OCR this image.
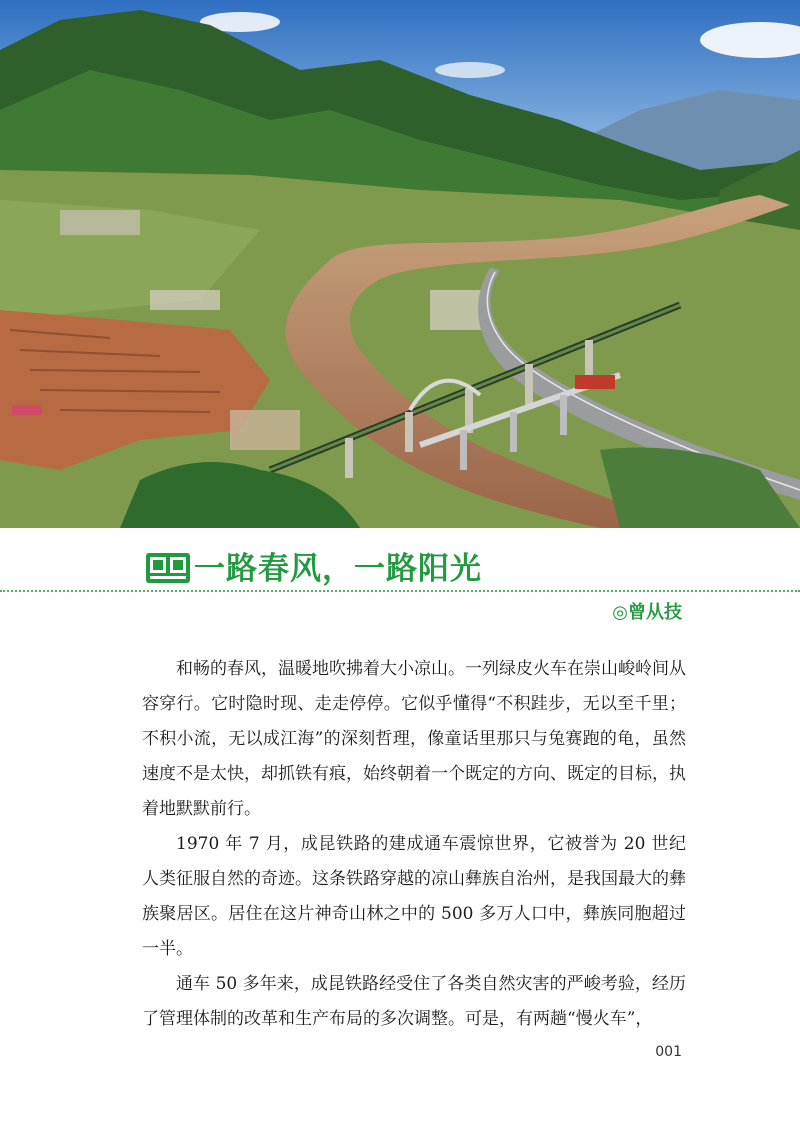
一路春风，一路阳光
◎曾从技

和畅的春风，温暖地吹拂着大小凉山。一列绿皮火车在崇山峻岭间从容穿行。它时隐时现、走走停停。它似乎懂得“不积跬步，无以至千里；不积小流，无以成江海”的深刻哲理，像童话里那只与兔赛跑的龟，虽然速度不是太快，却抓铁有痕，始终朝着一个既定的方向、既定的目标，执着地默默前行。

1970 年 7 月，成昆铁路的建成通车震惊世界，它被誉为 20 世纪人类征服自然的奇迹。这条铁路穿越的凉山彝族自治州，是我国最大的彝族聚居区。居住在这片神奇山林之中的 500 多万人口中，彝族同胞超过一半。

通车 50 多年来，成昆铁路经受住了各类自然灾害的严峻考验，经历了管理体制的改革和生产布局的多次调整。可是，有两趟“慢火车”，

001
